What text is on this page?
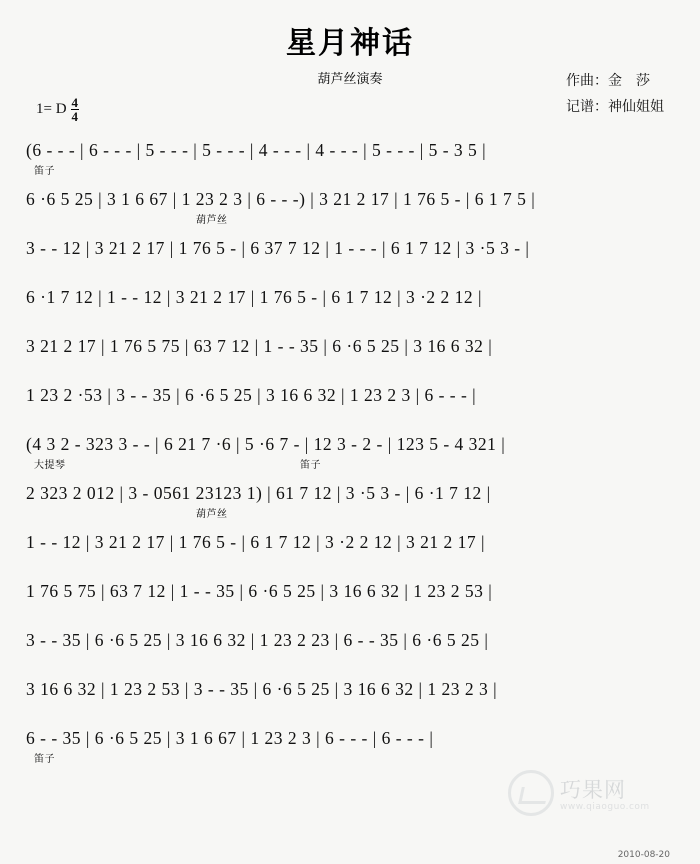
星月神话
葫芦丝演奏	作曲：金　莎
记谱：神仙姐姐
1= D $\frac{4}{4}$
(6 - - - | 6 - - - | 5 - - - | 5 - - - | 4 - - - | 4 - - - | 5 - - - | 5 - 3 5 |
笛子
6 ·6 5 25 | 3 1 6 67 | 1 23 2 3 | 6 - - -) | 3 21 2 17 | 1 76 5 - | 6 1 7 5 |
葫芦丝
3 - - 12 | 3 21 2 17 | 1 76 5 - | 6 37 7 12 | 1 - - - | 6 1 7 12 | 3 ·5 3 - |
6 ·1 7 12 | 1 - - 12 | 3 21 2 17 | 1 76 5 - | 6 1 7 12 | 3 ·2 2 12 |
3 21 2 17 | 1 76 5 75 | 63 7 12 | 1 - - 35 | 6 ·6 5 25 | 3 16 6 32 |
1 23 2 ·53 | 3 - - 35 | 6 ·6 5 25 | 3 16 6 32 | 1 23 2 3 | 6 - - - |
(4 3 2 - 323 3 - - | 6 21 7 ·6 | 5 ·6 7 - | 12 3 - 2 - | 123 5 - 4 321 |
大提琴	笛子
2 323 2 012 | 3 - 0561 23123 1) | 61 7 12 | 3 ·5 3 - | 6 ·1 7 12 |
葫芦丝
1 - - 12 | 3 21 2 17 | 1 76 5 - | 6 1 7 12 | 3 ·2 2 12 | 3 21 2 17 |
1 76 5 75 | 63 7 12 | 1 - - 35 | 6 ·6 5 25 | 3 16 6 32 | 1 23 2 53 |
3 - - 35 | 6 ·6 5 25 | 3 16 6 32 | 1 23 2 23 | 6 - - 35 | 6 ·6 5 25 |
3 16 6 32 | 1 23 2 53 | 3 - - 35 | 6 ·6 5 25 | 3 16 6 32 | 1 23 2 3 |
6 - - 35 | 6 ·6 5 25 | 3 1 6 67 | 1 23 2 3 | 6 - - - | 6 - - - |
笛子
巧果网
www.qiaoguo.com
2010-08-20
